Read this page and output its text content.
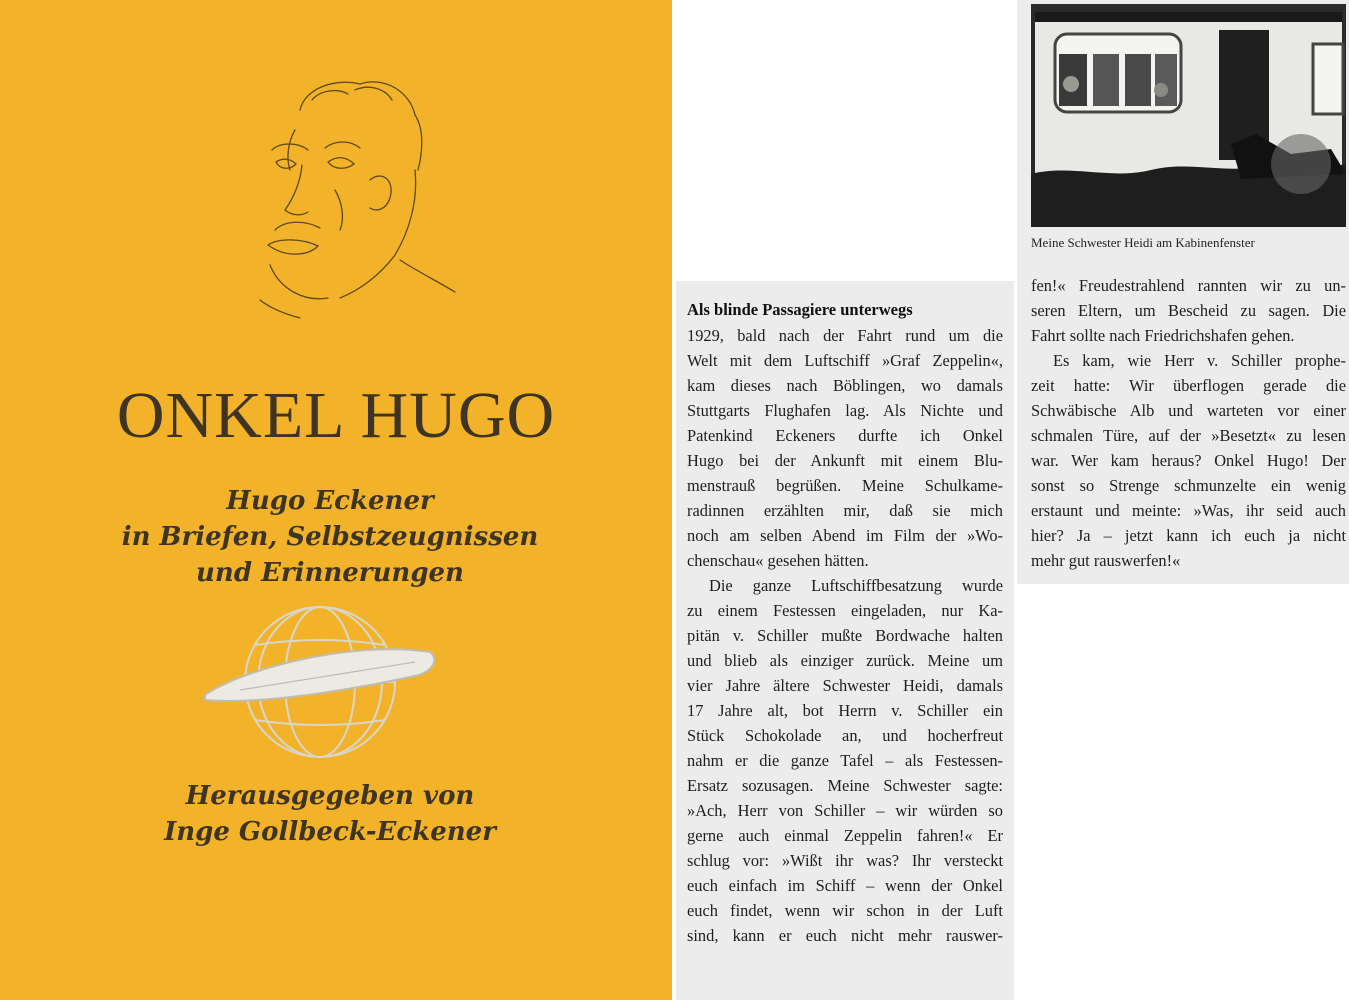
ONKEL HUGO
Hugo Eckener
in Briefen, Selbstzeugnissen
und Erinnerungen
Herausgegeben von
Inge Gollbeck-Eckener
Meine Schwester Heidi am Kabinenfenster
Als blinde Passagiere unterwegs
1929, bald nach der Fahrt rund um die
Welt mit dem Luftschiff »Graf Zeppelin«,
kam dieses nach Böblingen, wo damals
Stuttgarts Flughafen lag. Als Nichte und
Patenkind Eckeners durfte ich Onkel
Hugo bei der Ankunft mit einem Blu-
menstrauß begrüßen. Meine Schulkame-
radinnen erzählten mir, daß sie mich
noch am selben Abend im Film der »Wo-
chenschau« gesehen hätten.
Die ganze Luftschiffbesatzung wurde
zu einem Festessen eingeladen, nur Ka-
pitän v. Schiller mußte Bordwache halten
und blieb als einziger zurück. Meine um
vier Jahre ältere Schwester Heidi, damals
17 Jahre alt, bot Herrn v. Schiller ein
Stück Schokolade an, und hocherfreut
nahm er die ganze Tafel – als Festessen-
Ersatz sozusagen. Meine Schwester sagte:
»Ach, Herr von Schiller – wir würden so
gerne auch einmal Zeppelin fahren!« Er
schlug vor: »Wißt ihr was? Ihr versteckt
euch einfach im Schiff – wenn der Onkel
euch findet, wenn wir schon in der Luft
sind, kann er euch nicht mehr rauswer-
fen!« Freudestrahlend rannten wir zu un-
seren Eltern, um Bescheid zu sagen. Die
Fahrt sollte nach Friedrichshafen gehen.
Es kam, wie Herr v. Schiller prophe-
zeit hatte: Wir überflogen gerade die
Schwäbische Alb und warteten vor einer
schmalen Türe, auf der »Besetzt« zu lesen
war. Wer kam heraus? Onkel Hugo! Der
sonst so Strenge schmunzelte ein wenig
erstaunt und meinte: »Was, ihr seid auch
hier? Ja – jetzt kann ich euch ja nicht
mehr gut rauswerfen!«
